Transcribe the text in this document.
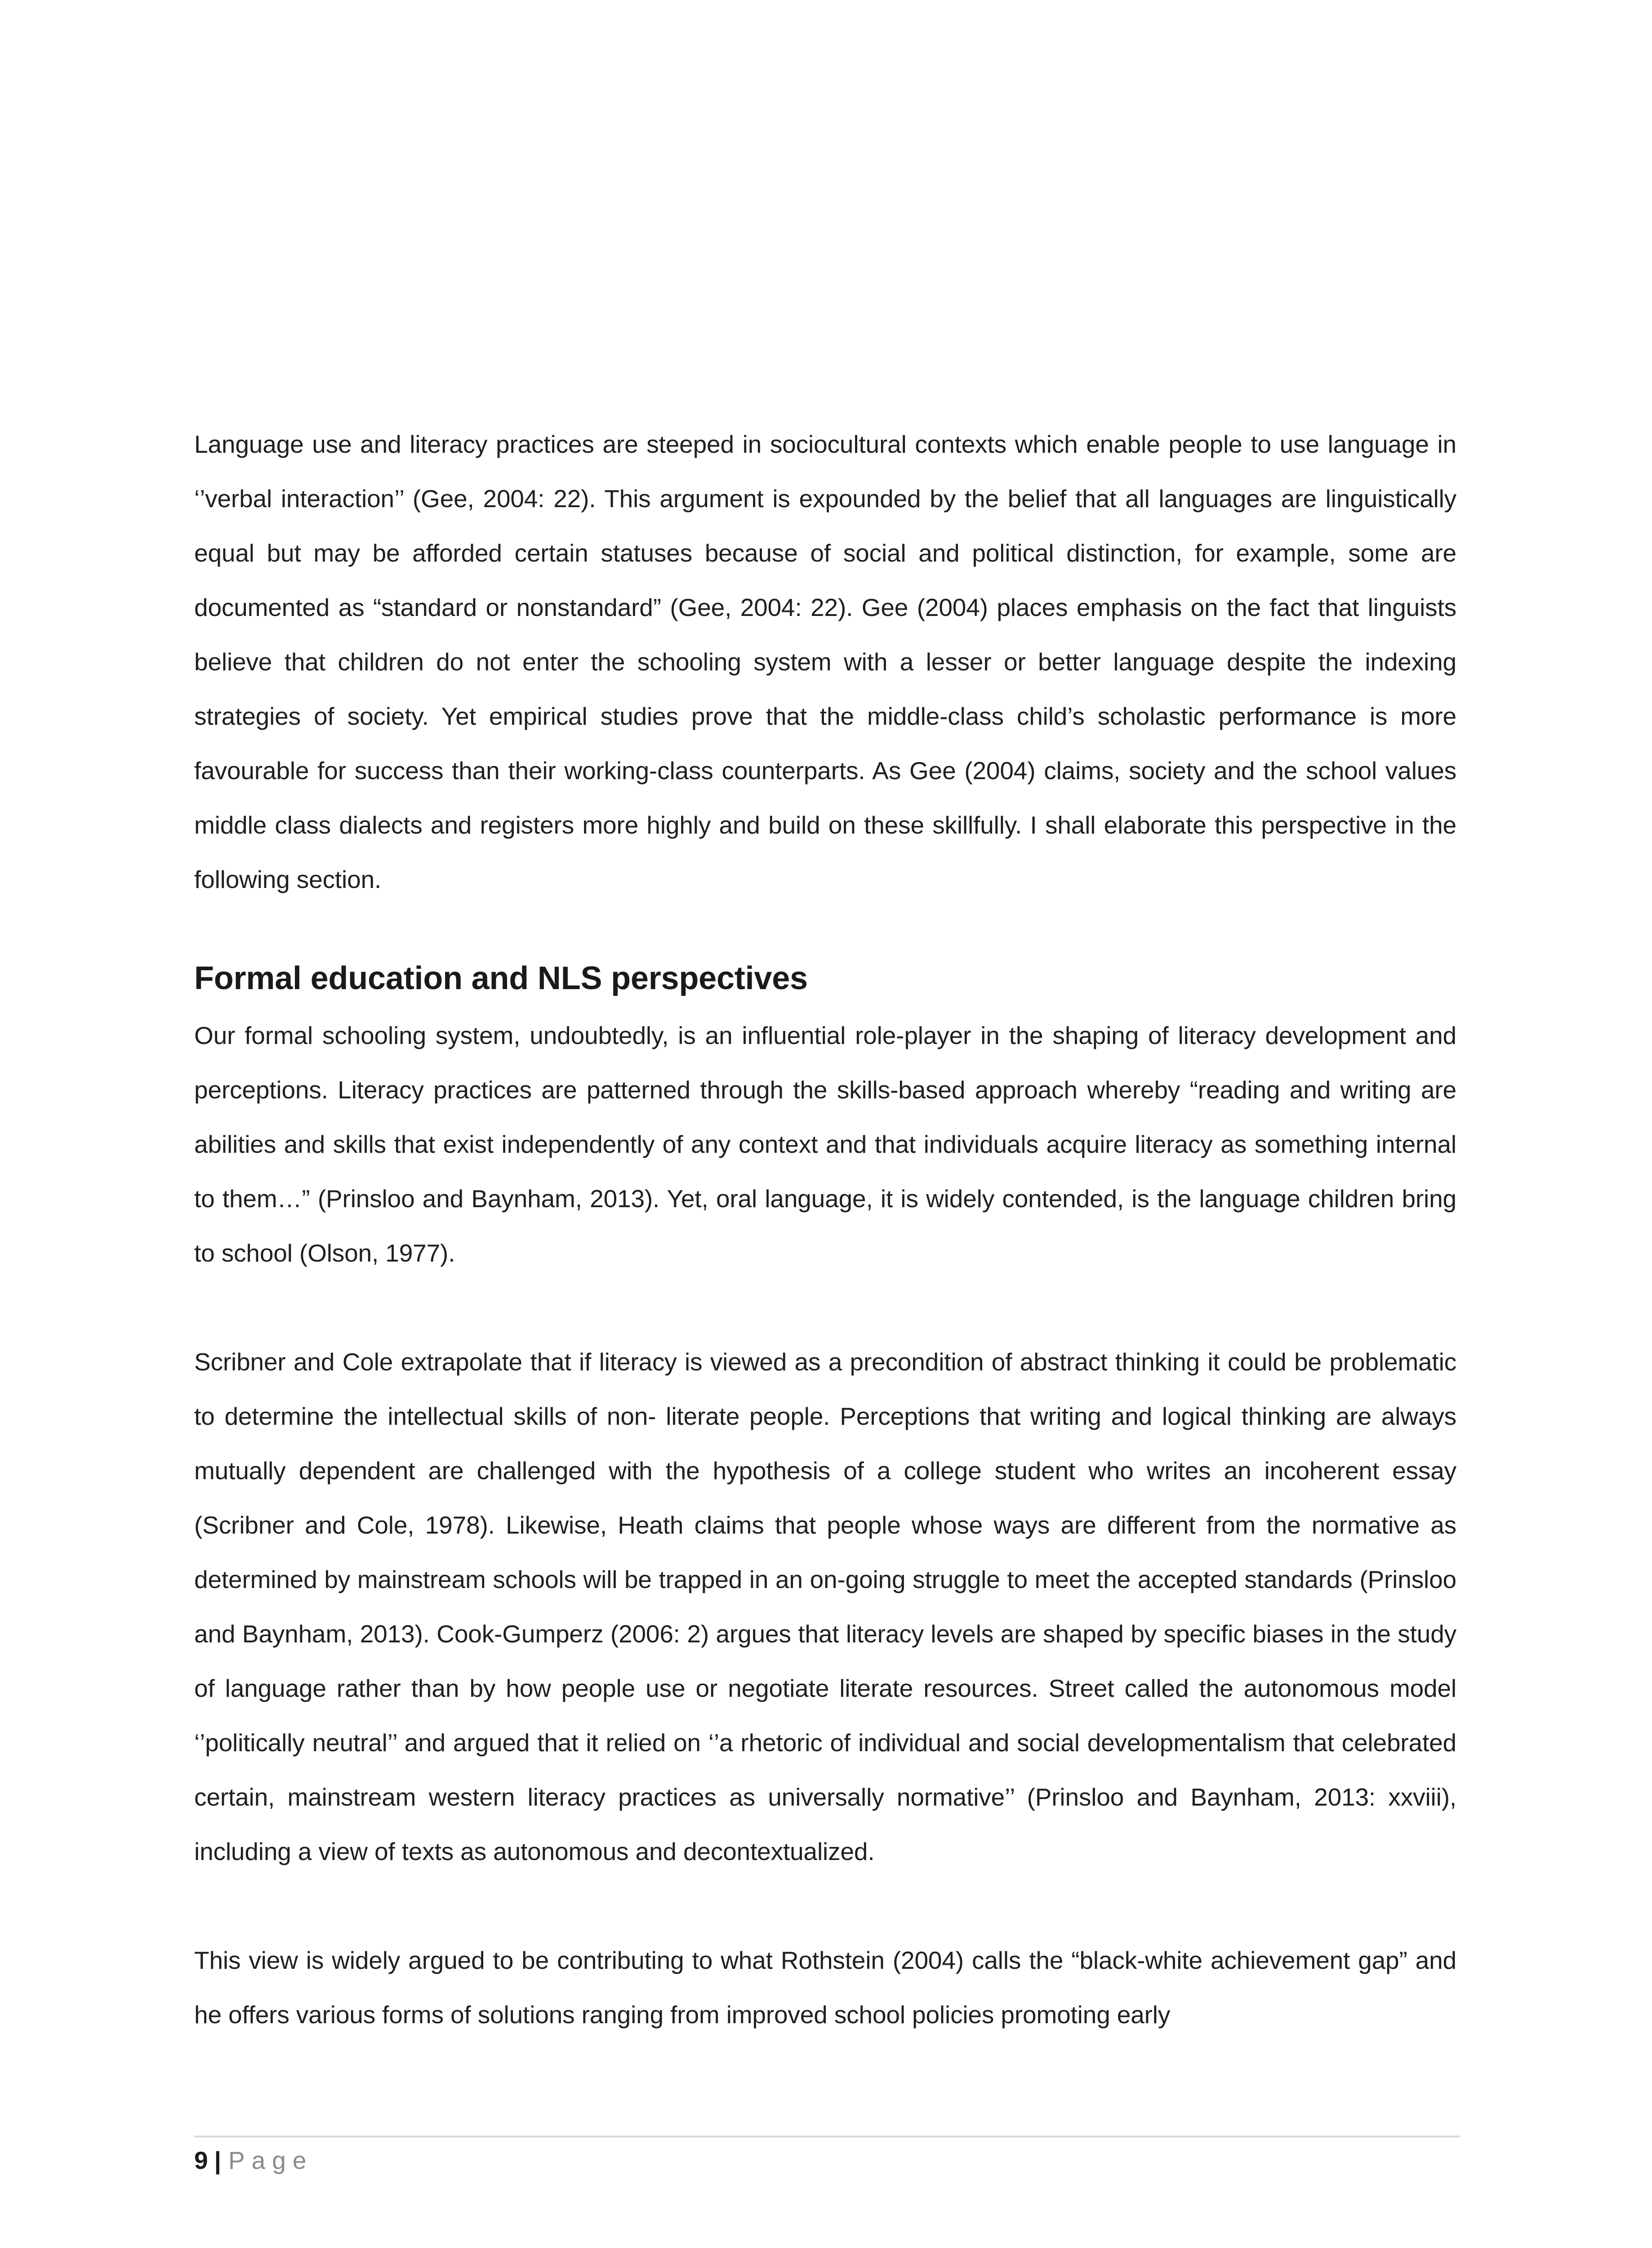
Language use and literacy practices are steeped in sociocultural contexts which enable people to use language in ‘’verbal interaction’’ (Gee, 2004: 22). This argument is expounded by the belief that all languages are linguistically equal but may be afforded certain statuses because of social and political distinction, for example, some are documented as “standard or nonstandard” (Gee, 2004: 22). Gee (2004) places emphasis on the fact that linguists believe that children do not enter the schooling system with a lesser or better language despite the indexing strategies of society. Yet empirical studies prove that the middle-class child’s scholastic performance is more favourable for success than their working-class counterparts. As Gee (2004) claims, society and the school values middle class dialects and registers more highly and build on these skillfully. I shall elaborate this perspective in the following section.

Formal education and NLS perspectives

Our formal schooling system, undoubtedly, is an influential role-player in the shaping of literacy development and perceptions. Literacy practices are patterned through the skills-based approach whereby “reading and writing are abilities and skills that exist independently of any context and that individuals acquire literacy as something internal to them…” (Prinsloo and Baynham, 2013). Yet, oral language, it is widely contended, is the language children bring to school (Olson, 1977).

Scribner and Cole extrapolate that if literacy is viewed as a precondition of abstract thinking it could be problematic to determine the intellectual skills of non- literate people. Perceptions that writing and logical thinking are always mutually dependent are challenged with the hypothesis of a college student who writes an incoherent essay (Scribner and Cole, 1978). Likewise, Heath claims that people whose ways are different from the normative as determined by mainstream schools will be trapped in an on-going struggle to meet the accepted standards (Prinsloo and Baynham, 2013). Cook-Gumperz (2006: 2) argues that literacy levels are shaped by specific biases in the study of language rather than by how people use or negotiate literate resources. Street called the autonomous model ‘’politically neutral’’ and argued that it relied on ‘’a rhetoric of individual and social developmentalism that celebrated certain, mainstream western literacy practices as universally normative’’ (Prinsloo and Baynham, 2013: xxviii), including a view of texts as autonomous and decontextualized.

This view is widely argued to be contributing to what Rothstein (2004) calls the “black-white achievement gap” and he offers various forms of solutions ranging from improved school policies promoting early

9 | Page
